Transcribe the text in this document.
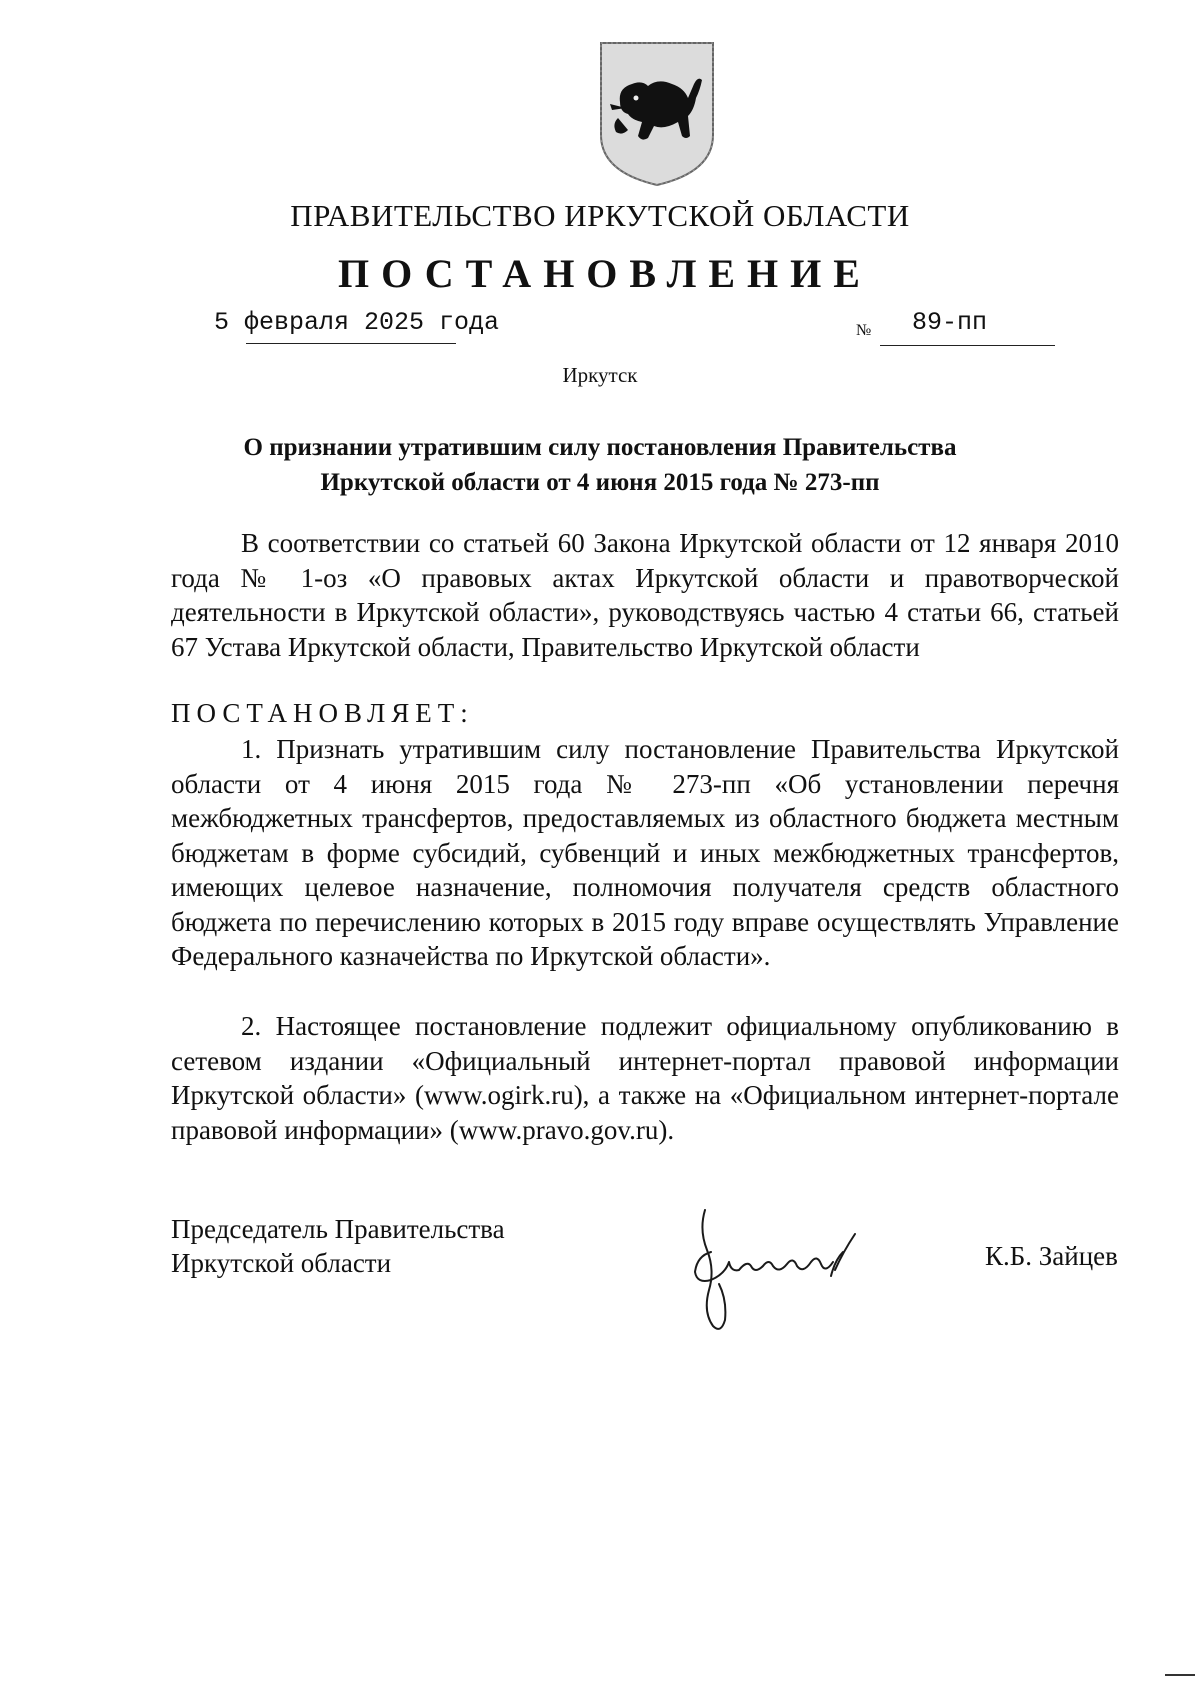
ПРАВИТЕЛЬСТВО ИРКУТСКОЙ ОБЛАСТИ
ПОСТАНОВЛЕНИЕ
5 февраля 2025 года	№ 89-пп
Иркутск
О признании утратившим силу постановления Правительства
Иркутской области от 4 июня 2015 года № 273-пп
В соответствии со статьей 60 Закона Иркутской области от 12 января 2010 года № 1-оз «О правовых актах Иркутской области и правотворческой деятельности в Иркутской области», руководствуясь частью 4 статьи 66, статьей 67 Устава Иркутской области, Правительство Иркутской области
ПОСТАНОВЛЯЕТ:
1. Признать утратившим силу постановление Правительства Иркутской области от 4 июня 2015 года № 273-пп «Об установлении перечня межбюджетных трансфертов, предоставляемых из областного бюджета местным бюджетам в форме субсидий, субвенций и иных межбюджетных трансфертов, имеющих целевое назначение, полномочия получателя средств областного бюджета по перечислению которых в 2015 году вправе осуществлять Управление Федерального казначейства по Иркутской области».
2. Настоящее постановление подлежит официальному опубликованию в сетевом издании «Официальный интернет-портал правовой информации Иркутской области» (www.ogirk.ru), а также на «Официальном интернет-портале правовой информации» (www.pravo.gov.ru).
Председатель Правительства
Иркутской области	К.Б. Зайцев
